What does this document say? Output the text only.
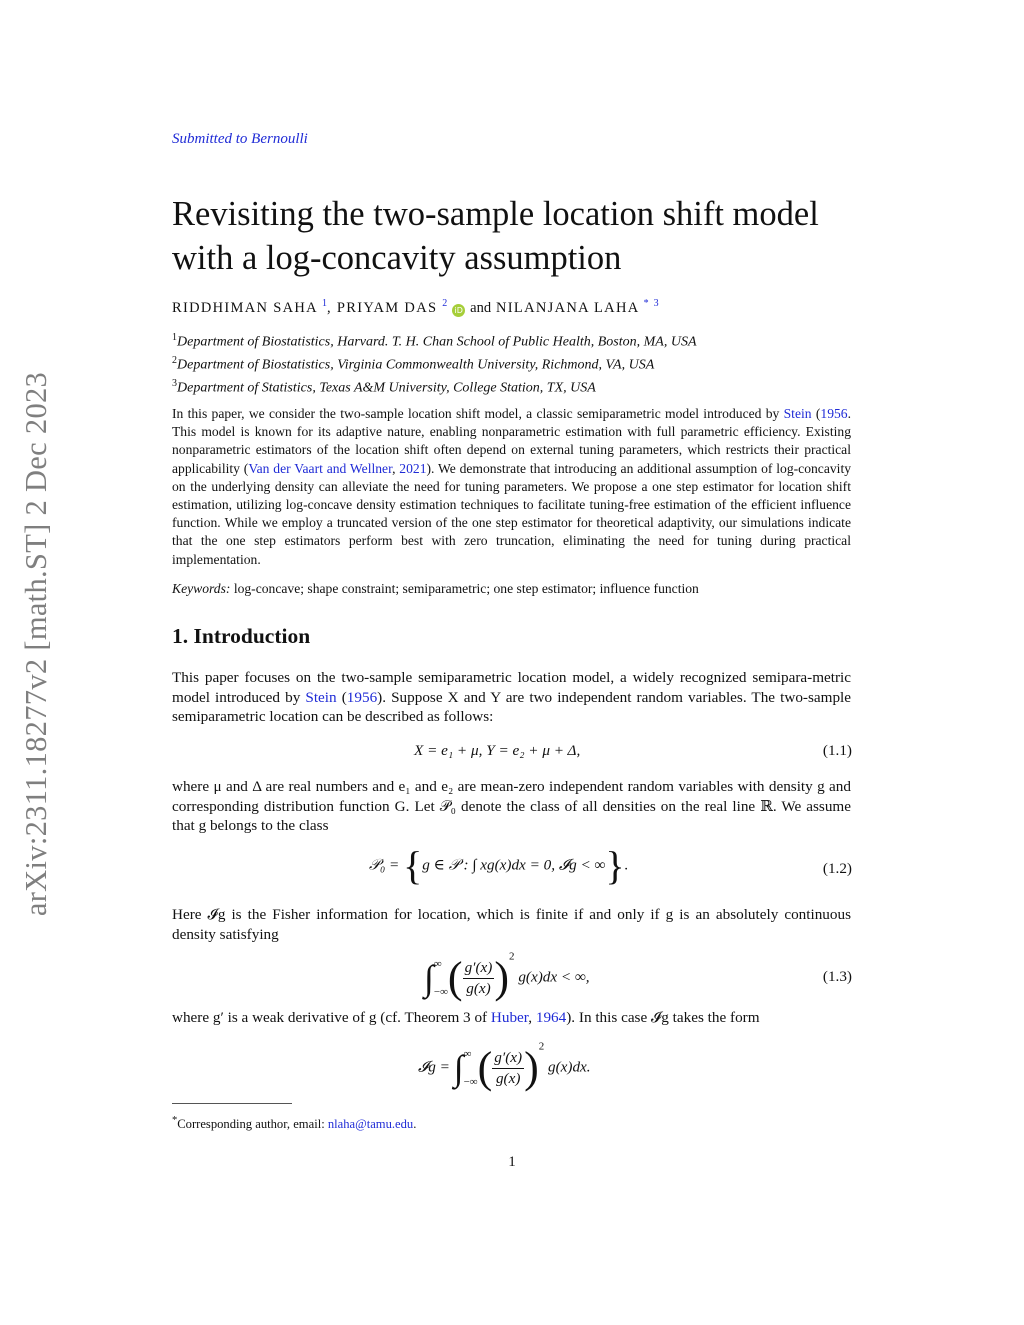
arXiv:2311.18277v2 [math.ST] 2 Dec 2023
Submitted to Bernoulli
Revisiting the two-sample location shift model
with a log-concavity assumption
RIDDHIMAN SAHA $^1$, PRIYAM DAS $^2$ iD and NILANJANA LAHA * $^3$
$^1$Department of Biostatistics, Harvard. T. H. Chan School of Public Health, Boston, MA, USA
$^2$Department of Biostatistics, Virginia Commonwealth University, Richmond, VA, USA
$^3$Department of Statistics, Texas A&M University, College Station, TX, USA
In this paper, we consider the two-sample location shift model, a classic semiparametric model introduced by Stein (1956. This model is known for its adaptive nature, enabling nonparametric estimation with full parametric efficiency. Existing nonparametric estimators of the location shift often depend on external tuning parameters, which restricts their practical applicability (Van der Vaart and Wellner, 2021). We demonstrate that introducing an additional assumption of log-concavity on the underlying density can alleviate the need for tuning parameters. We propose a one step estimator for location shift estimation, utilizing log-concave density estimation techniques to facilitate tuning-free estimation of the efficient influence function. While we employ a truncated version of the one step estimator for theoretical adaptivity, our simulations indicate that the one step estimators perform best with zero truncation, eliminating the need for tuning during practical implementation.
Keywords: log-concave; shape constraint; semiparametric; one step estimator; influence function
1. Introduction
This paper focuses on the two-sample semiparametric location model, a widely recognized semipara-metric model introduced by Stein (1956). Suppose X and Y are two independent random variables. The two-sample semiparametric location can be described as follows:
X = e₁ + μ, Y = e₂ + μ + Δ,	(1.1)
where μ and Δ are real numbers and e₁ and e₂ are mean-zero independent random variables with density g and corresponding distribution function G. Let 𝒫₀ denote the class of all densities on the real line ℝ. We assume that g belongs to the class
𝒫₀ = {g ∈ 𝒫 : ∫ xg(x)dx = 0, 𝓘g < ∞}.	(1.2)
Here 𝓘g is the Fisher information for location, which is finite if and only if g is an absolutely continuous density satisfying
∫ ∞
−∞ ( $\frac{g'(x)}{g(x)} )^2$ g(x)dx < ∞,	(1.3)
where g′ is a weak derivative of g (cf. Theorem 3 of Huber, 1964). In this case 𝓘g takes the form
𝓘g = ∫ ∞
−∞ ( $\frac{g'(x)}{g(x)} )^2$ g(x)dx.
*Corresponding author, email: nlaha@tamu.edu.
1
